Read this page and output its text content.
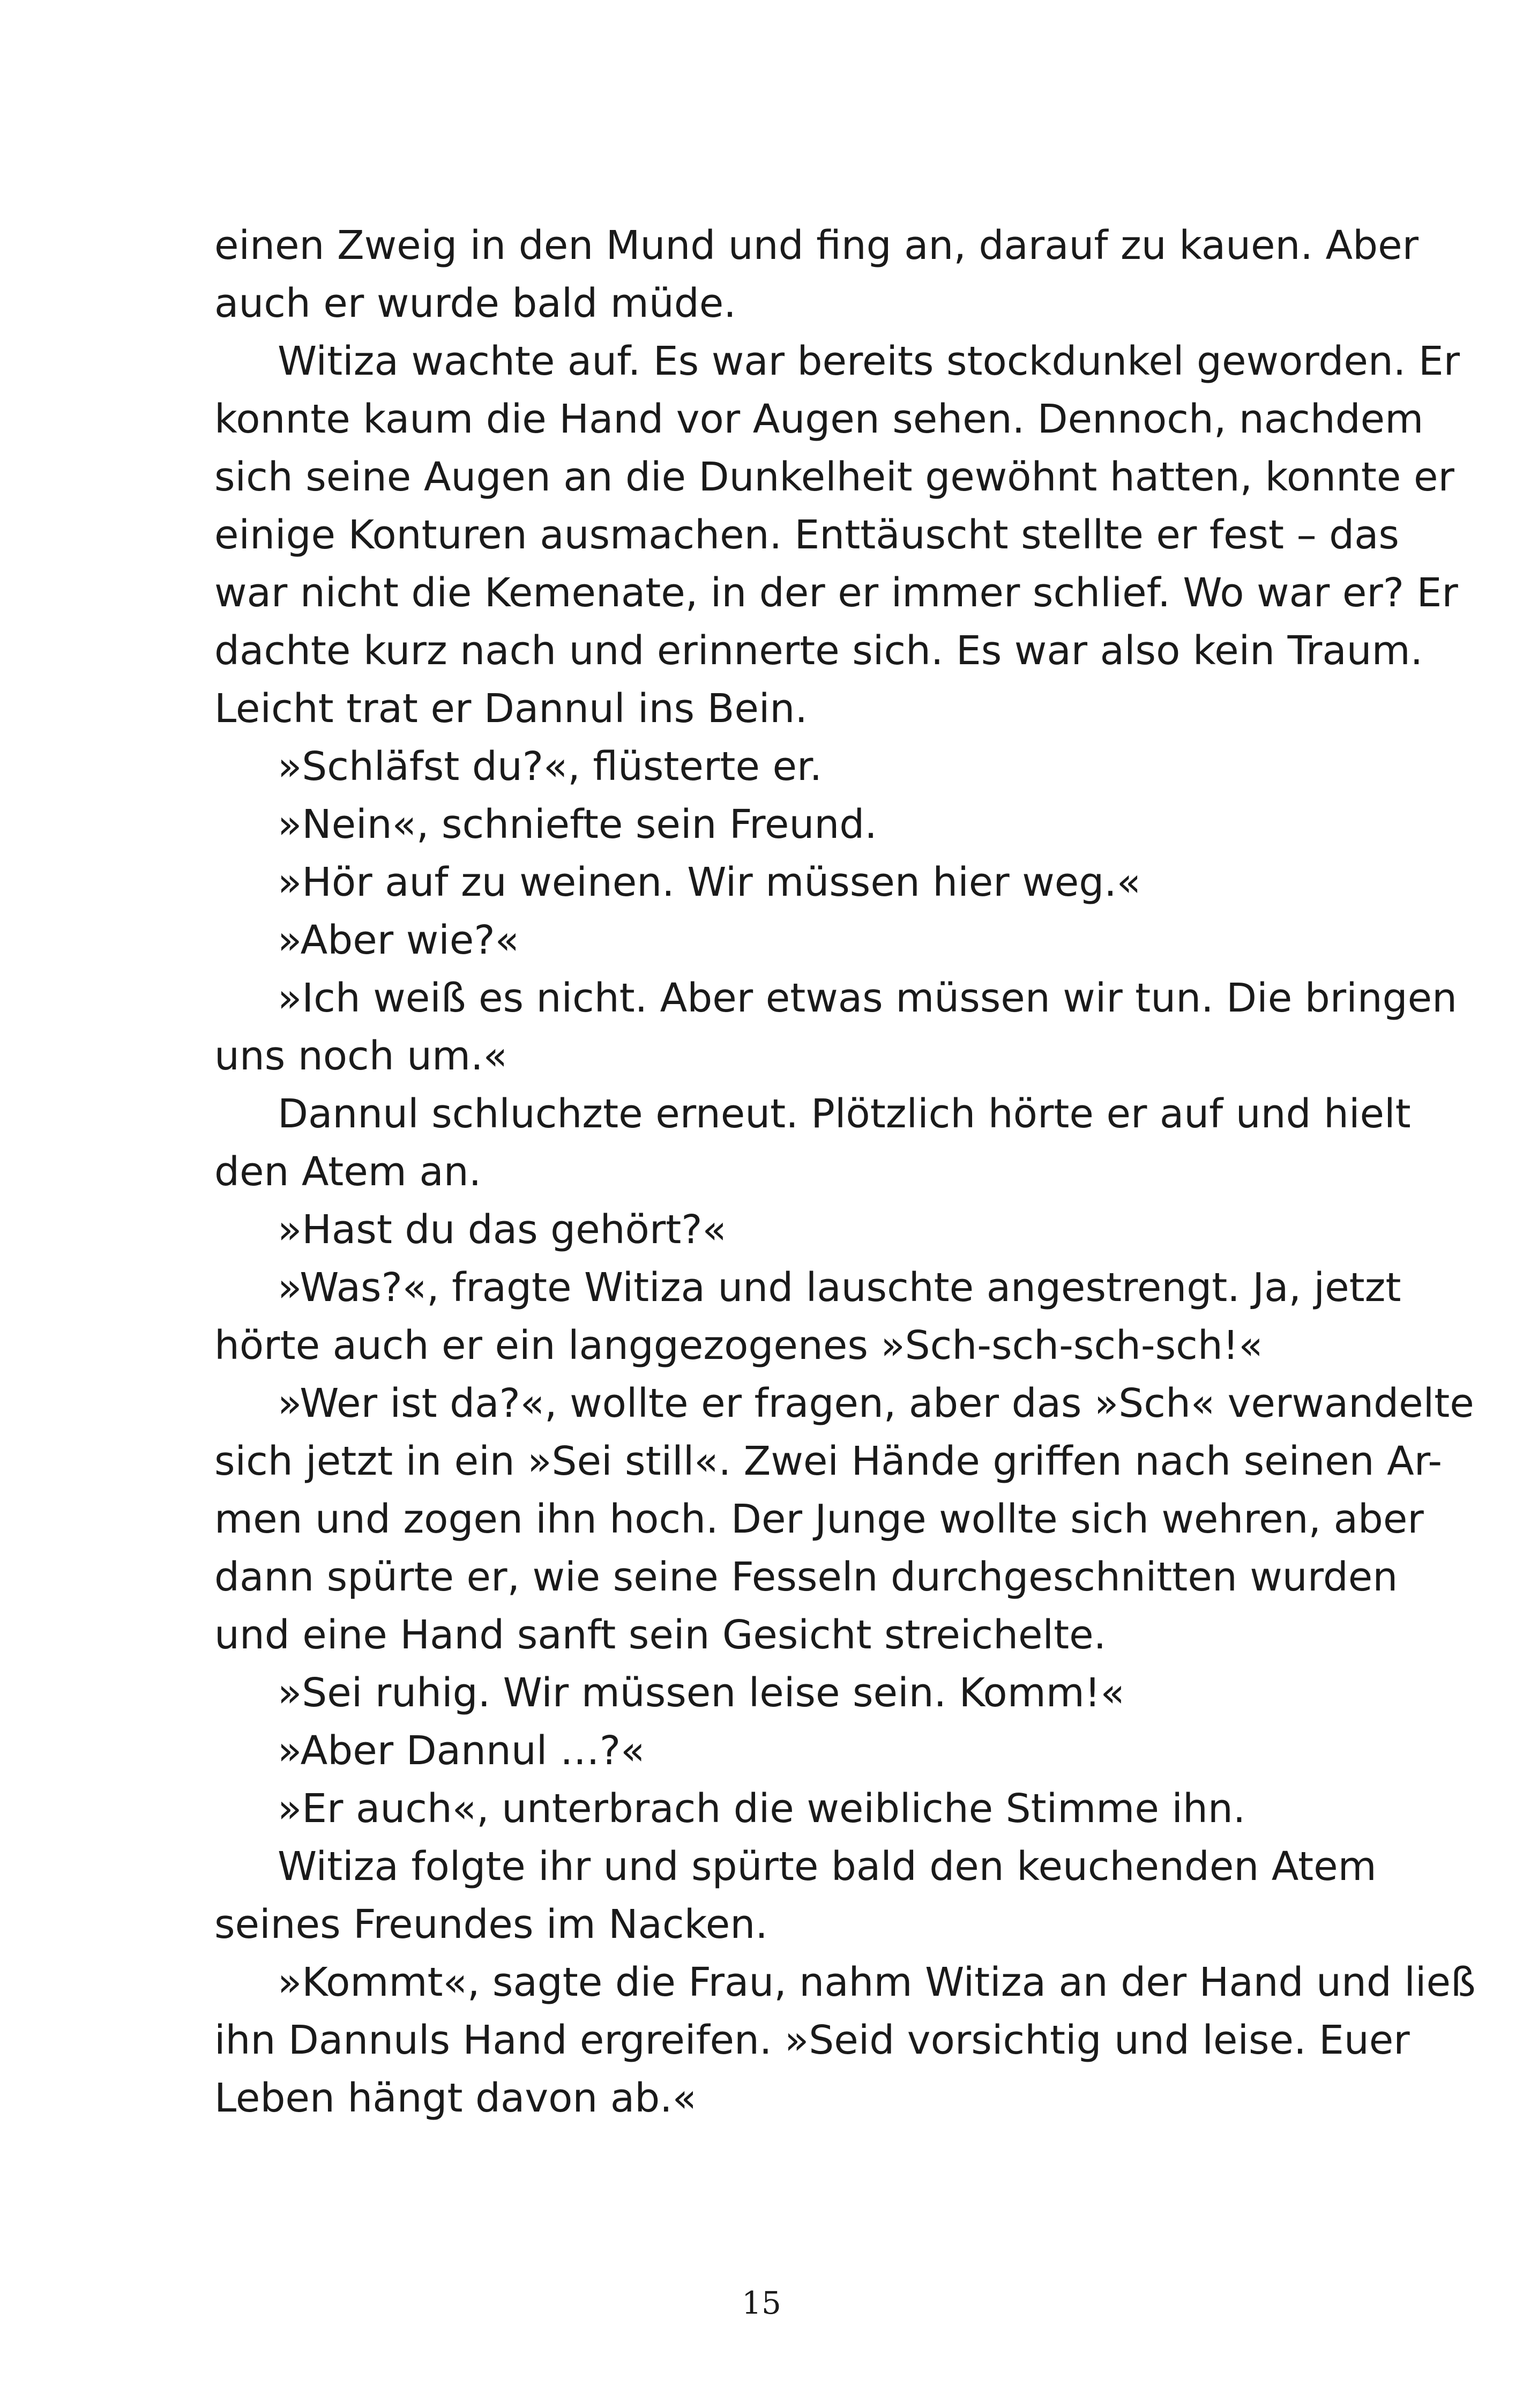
einen Zweig in den Mund und fing an, darauf zu kauen. Aber
auch er wurde bald müde.
Witiza wachte auf. Es war bereits stockdunkel geworden. Er
konnte kaum die Hand vor Augen sehen. Dennoch, nachdem
sich seine Augen an die Dunkelheit gewöhnt hatten, konnte er
einige Konturen ausmachen. Enttäuscht stellte er fest – das
war nicht die Kemenate, in der er immer schlief. Wo war er? Er
dachte kurz nach und erinnerte sich. Es war also kein Traum.
Leicht trat er Dannul ins Bein.
»Schläfst du?«, flüsterte er.
»Nein«, schniefte sein Freund.
»Hör auf zu weinen. Wir müssen hier weg.«
»Aber wie?«
»Ich weiß es nicht. Aber etwas müssen wir tun. Die bringen
uns noch um.«
Dannul schluchzte erneut. Plötzlich hörte er auf und hielt
den Atem an.
»Hast du das gehört?«
»Was?«, fragte Witiza und lauschte angestrengt. Ja, jetzt
hörte auch er ein langgezogenes »Sch-sch-sch-sch!«
»Wer ist da?«, wollte er fragen, aber das »Sch« verwandelte
sich jetzt in ein »Sei still«. Zwei Hände griffen nach seinen Ar-
men und zogen ihn hoch. Der Junge wollte sich wehren, aber
dann spürte er, wie seine Fesseln durchgeschnitten wurden
und eine Hand sanft sein Gesicht streichelte.
»Sei ruhig. Wir müssen leise sein. Komm!«
»Aber Dannul …?«
»Er auch«, unterbrach die weibliche Stimme ihn.
Witiza folgte ihr und spürte bald den keuchenden Atem
seines Freundes im Nacken.
»Kommt«, sagte die Frau, nahm Witiza an der Hand und ließ
ihn Dannuls Hand ergreifen. »Seid vorsichtig und leise. Euer
Leben hängt davon ab.«
15
